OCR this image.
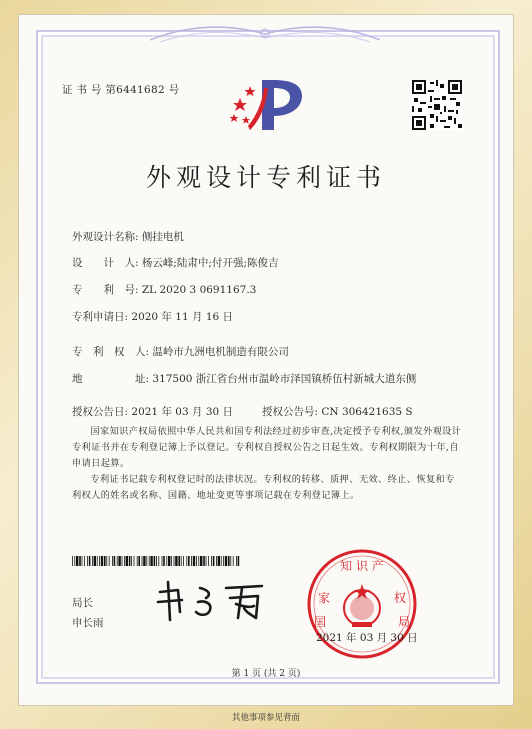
证 书 号 第6441682 号
外观设计专利证书
外观设计名称: 侧挂电机
设　　计　人: 杨云峰;陆肃中;付开强;陈俊吉
专　　利　号: ZL 2020 3 0691167.3
专利申请日: 2020 年 11 月 16 日
专　利　权　人: 温岭市九洲电机制造有限公司
地　　　　　址: 317500 浙江省台州市温岭市泽国镇桥伍村新城大道东侧
授权公告日: 2021 年 03 月 30 日	授权公告号: CN 306421635 S
国家知识产权局依照中华人民共和国专利法经过初步审查,决定授予专利权,颁发外观设计专利证书并在专利登记簿上予以登记。专利权自授权公告之日起生效。专利权期限为十年,自申请日起算。
专利证书记载专利权登记时的法律状况。专利权的转移、质押、无效、终止、恢复和专利权人的姓名或名称、国籍、地址变更等事项记载在专利登记簿上。
局长
申长雨
知 识 产
家
国
权
局
2021 年 03 月 30 日
第 1 页 (共 2 页)
其他事项参见背面
